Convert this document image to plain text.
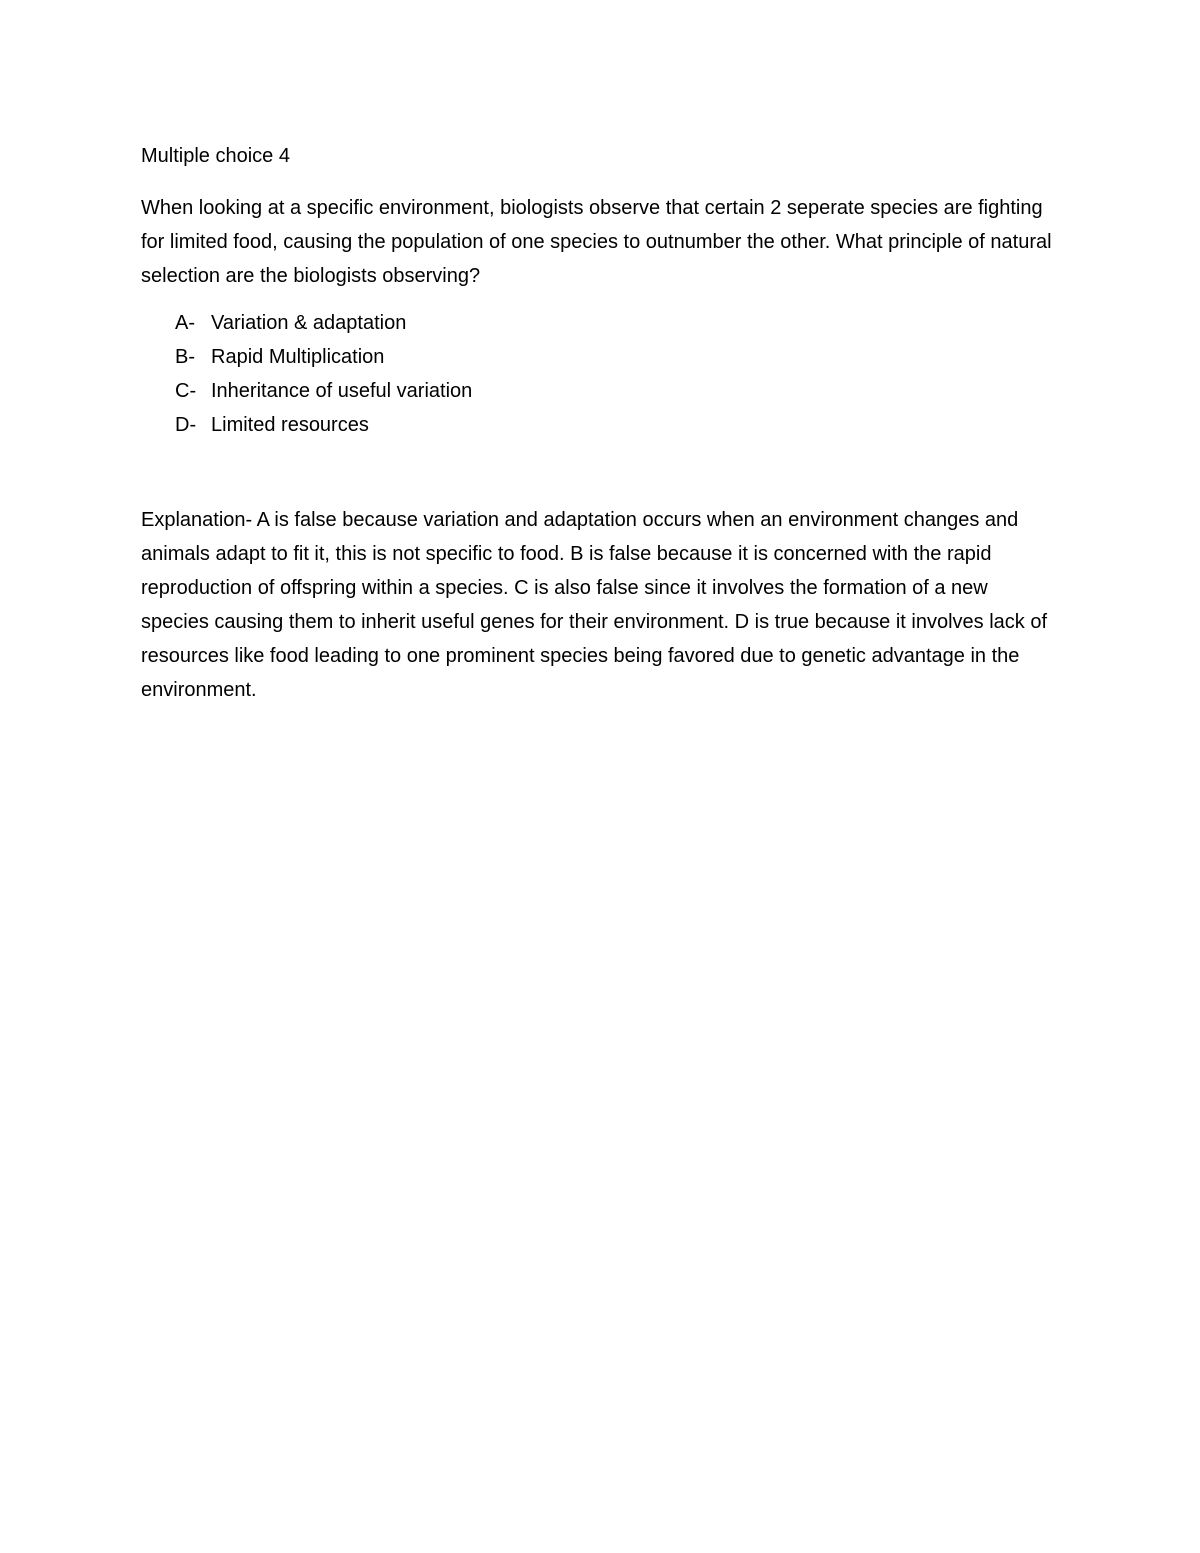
Multiple choice 4
When looking at a specific environment, biologists observe that certain 2 seperate species are fighting for limited food, causing the population of one species to outnumber the other. What principle of natural selection are the biologists observing?
A- Variation & adaptation
B- Rapid Multiplication
C- Inheritance of useful variation
D- Limited resources
Explanation- A is false because variation and adaptation occurs when an environment changes and animals adapt to fit it, this is not specific to food. B is false because it is concerned with the rapid reproduction of offspring within a species. C is also false since it involves the formation of a new species causing them to inherit useful genes for their environment. D is true because it involves lack of resources like food leading to one prominent species being favored due to genetic advantage in the environment.
